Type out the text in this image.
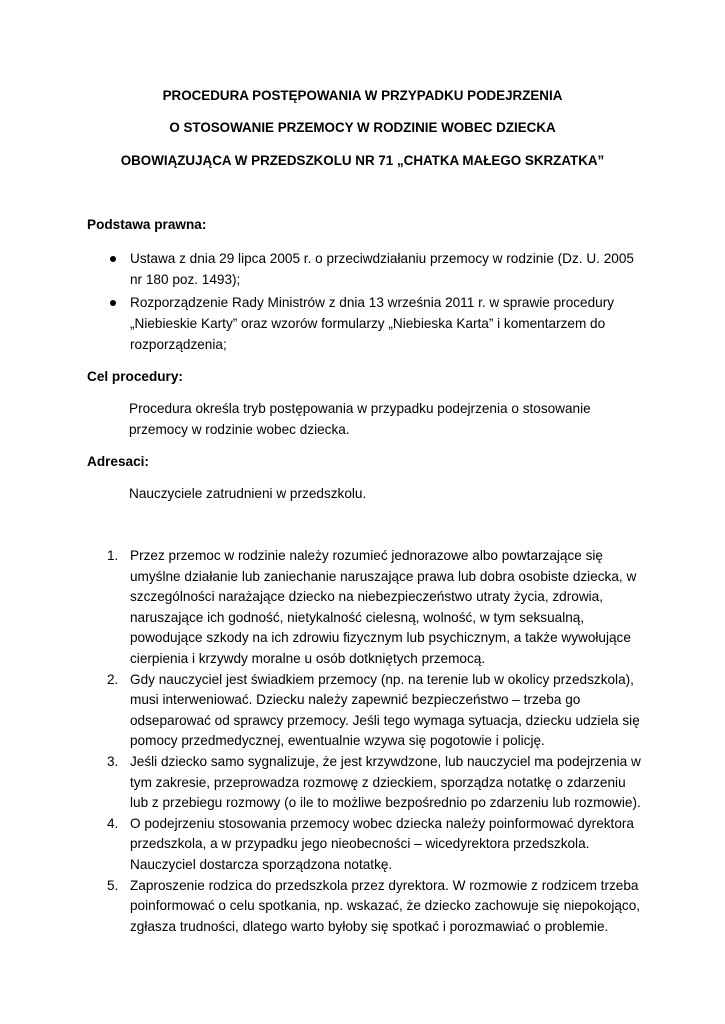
PROCEDURA POSTĘPOWANIA W PRZYPADKU PODEJRZENIA
O STOSOWANIE PRZEMOCY W RODZINIE WOBEC DZIECKA
OBOWIĄZUJĄCA W PRZEDSZKOLU NR 71 „CHATKA MAŁEGO SKRZATKA”
Podstawa prawna:
Ustawa z dnia 29 lipca 2005 r. o przeciwdziałaniu przemocy w rodzinie (Dz. U. 2005 nr 180 poz. 1493);
Rozporządzenie Rady Ministrów z dnia 13 września 2011 r. w sprawie procedury „Niebieskie Karty” oraz wzorów formularzy „Niebieska Karta” i komentarzem do rozporządzenia;
Cel procedury:
Procedura określa tryb postępowania w przypadku podejrzenia o stosowanie przemocy w rodzinie wobec dziecka.
Adresaci:
Nauczyciele zatrudnieni w przedszkolu.
1. Przez przemoc w rodzinie należy rozumieć jednorazowe albo powtarzające się umyślne działanie lub zaniechanie naruszające prawa lub dobra osobiste dziecka, w szczególności narażające dziecko na niebezpieczeństwo utraty życia, zdrowia, naruszające ich godność, nietykalność cielesną, wolność, w tym seksualną, powodujące szkody na ich zdrowiu fizycznym lub psychicznym, a także wywołujące cierpienia i krzywdy moralne u osób dotkniętych przemocą.
2. Gdy nauczyciel jest świadkiem przemocy (np. na terenie lub w okolicy przedszkola), musi interweniować. Dziecku należy zapewnić bezpieczeństwo – trzeba go odseparować od sprawcy przemocy. Jeśli tego wymaga sytuacja, dziecku udziela się pomocy przedmedycznej, ewentualnie wzywa się pogotowie i policję.
3. Jeśli dziecko samo sygnalizuje, że jest krzywdzone, lub nauczyciel ma podejrzenia w tym zakresie, przeprowadza rozmowę z dzieckiem, sporządza notatkę o zdarzeniu lub z przebiegu rozmowy (o ile to możliwe bezpośrednio po zdarzeniu lub rozmowie).
4. O podejrzeniu stosowania przemocy wobec dziecka należy poinformować dyrektora przedszkola, a w przypadku jego nieobecności – wicedyrektora przedszkola. Nauczyciel dostarcza sporządzona notatkę.
5. Zaproszenie rodzica do przedszkola przez dyrektora. W rozmowie z rodzicem trzeba poinformować o celu spotkania, np. wskazać, że dziecko zachowuje się niepokojąco, zgłasza trudności, dlatego warto byłoby się spotkać i porozmawiać o problemie.
